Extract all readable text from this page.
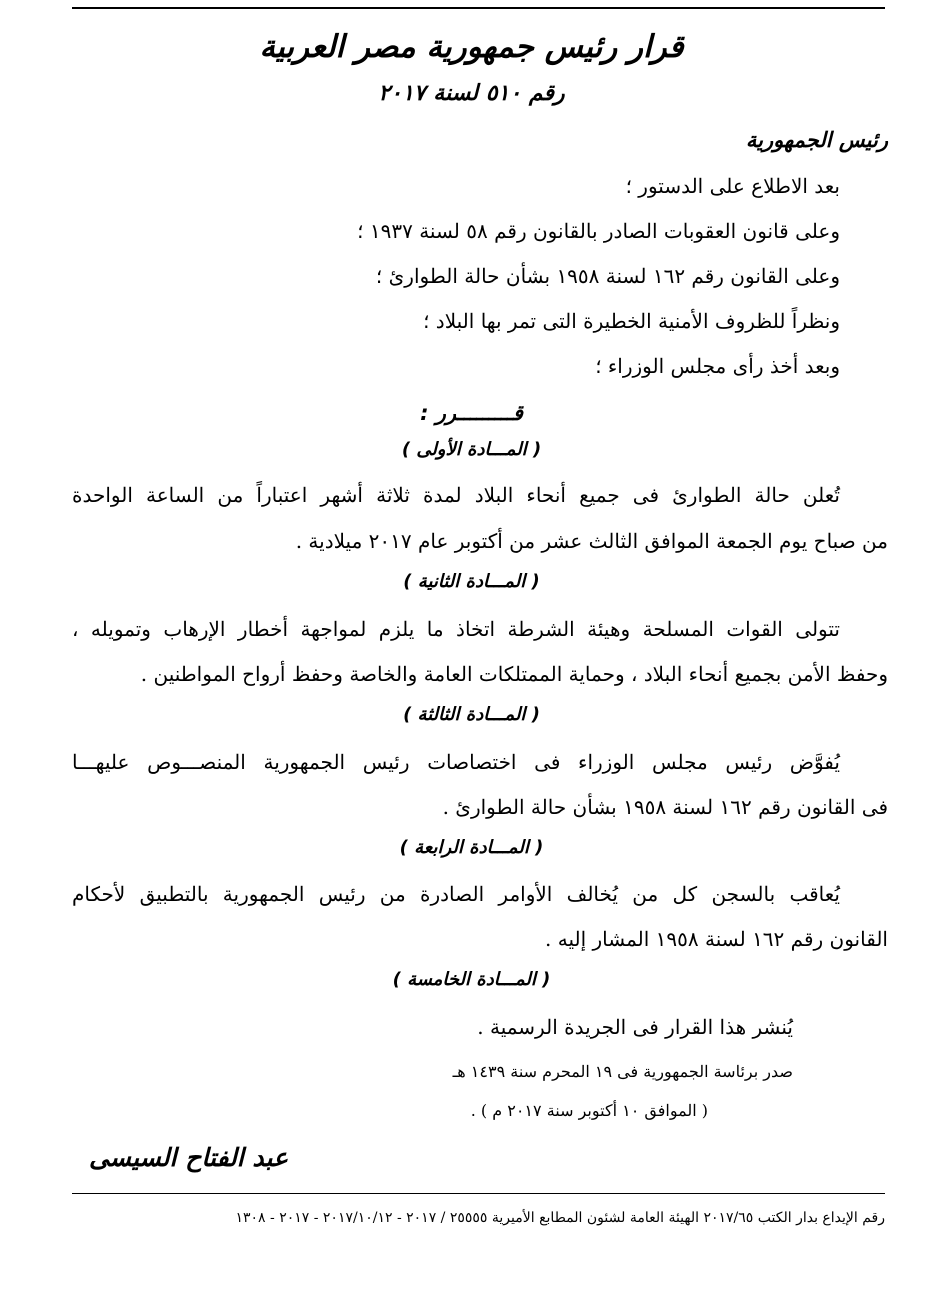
قرار رئيس جمهورية مصر العربية
رقم ٥١٠ لسنة ٢٠١٧
رئيس الجمهورية
بعد الاطلاع على الدستور ؛
وعلى قانون العقوبات الصادر بالقانون رقم ٥٨ لسنة ١٩٣٧ ؛
وعلى القانون رقم ١٦٢ لسنة ١٩٥٨ بشأن حالة الطوارئ ؛
ونظراً للظروف الأمنية الخطيرة التى تمر بها البلاد ؛
وبعد أخذ رأى مجلس الوزراء ؛
قـــــــــرر :
( المـــادة الأولى )
تُعلن حالة الطوارئ فى جميع أنحاء البلاد لمدة ثلاثة أشهر اعتباراً من الساعة الواحدة
من صباح يوم الجمعة الموافق الثالث عشر من أكتوبر عام ٢٠١٧ ميلادية .
( المـــادة الثانية )
تتولى القوات المسلحة وهيئة الشرطة اتخاذ ما يلزم لمواجهة أخطار الإرهاب وتمويله ،
وحفظ الأمن بجميع أنحاء البلاد ، وحماية الممتلكات العامة والخاصة وحفظ أرواح المواطنين .
( المـــادة الثالثة )
يُفوَّض رئيس مجلس الوزراء فى اختصاصات رئيس الجمهورية المنصـــوص عليهـــا
فى القانون رقم ١٦٢ لسنة ١٩٥٨ بشأن حالة الطوارئ .
( المـــادة الرابعة )
يُعاقب بالسجن كل من يُخالف الأوامر الصادرة من رئيس الجمهورية بالتطبيق لأحكام
القانون رقم ١٦٢ لسنة ١٩٥٨ المشار إليه .
( المـــادة الخامسة )
يُنشر هذا القرار فى الجريدة الرسمية .
صدر برئاسة الجمهورية فى ١٩ المحرم سنة ١٤٣٩ هـ
( الموافق ١٠ أكتوبر سنة ٢٠١٧ م ) .
عبد الفتاح السيسى
رقم الإيداع بدار الكتب ٢٠١٧/٦٥ الهيئة العامة لشئون المطابع الأميرية ٢٥٥٥٥ / ٢٠١٧ - ٢٠١٧/١٠/١٢ - ٢٠١٧ - ١٣٠٨
